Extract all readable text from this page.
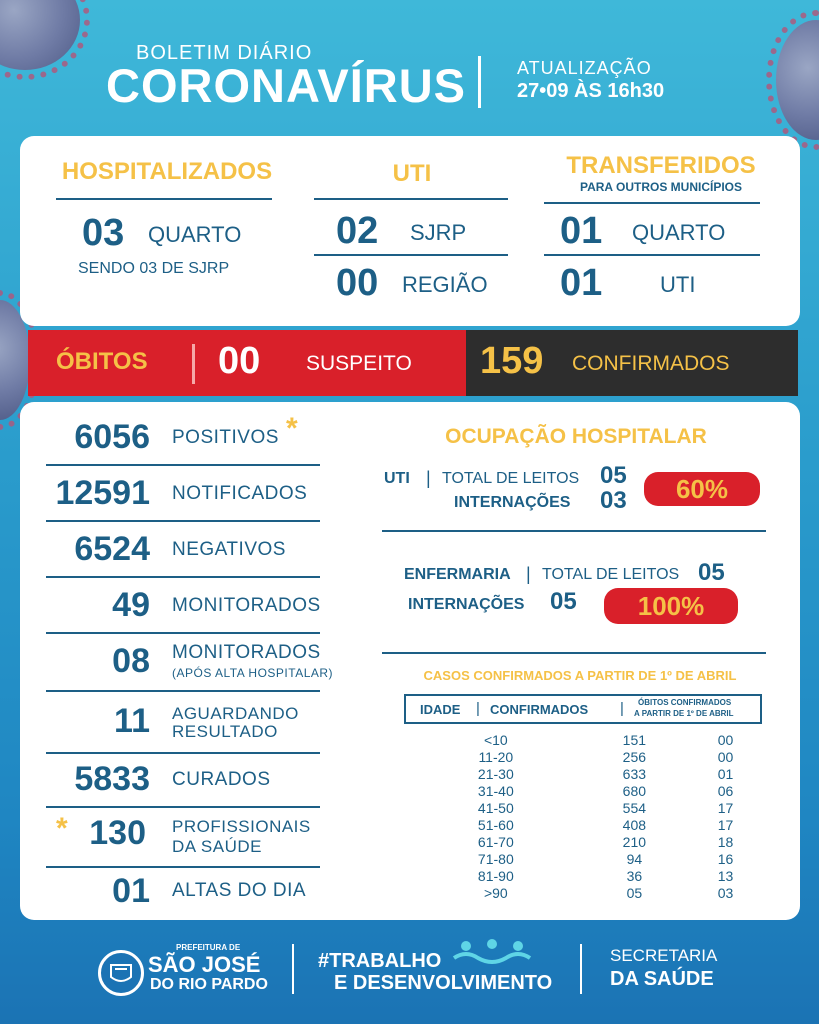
BOLETIM DIÁRIO
CORONAVÍRUS	ATUALIZAÇÃO
27•09 ÀS 16h30
HOSPITALIZADOS
03 QUARTO
SENDO 03 DE SJRP
UTI
02 SJRP
00 REGIÃO
TRANSFERIDOS
PARA OUTROS MUNICÍPIOS
01 QUARTO
01	UTI
ÓBITOS 00 SUSPEITO 159 CONFIRMADOS
6056 POSITIVOS *
12591 NOTIFICADOS
6524 NEGATIVOS
49 MONITORADOS
08 MONITORADOS
(APÓS ALTA HOSPITALAR)
11 AGUARDANDO
RESULTADO
5833 CURADOS
* 130 PROFISSIONAIS
DA SAÚDE
01 ALTAS DO DIA
OCUPAÇÃO HOSPITALAR
UTI | TOTAL DE LEITOS 05
INTERNAÇÕES 03	60%
ENFERMARIA | TOTAL DE LEITOS 05
INTERNAÇÕES 05	100%
CASOS CONFIRMADOS A PARTIR DE 1º DE ABRIL
IDADE | CONFIRMADOS | ÓBITOS CONFIRMADOS
A PARTIR DE 1º DE ABRIL
<10	151	00
11-20	256	00
21-30	633	01
31-40	680	06
41-50	554	17
51-60	408	17
61-70	210	18
71-80	94	16
81-90	36	13
>90	05	03
PREFEITURA DE
SÃO JOSÉ
DO RIO PARDO
#TRABALHO
E DESENVOLVIMENTO
SECRETARIA
DA SAÚDE
